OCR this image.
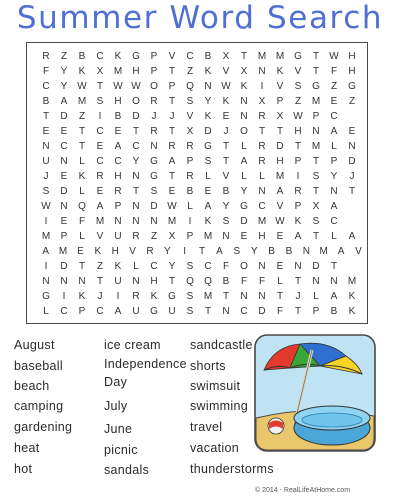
Summer Word Search
R	Z	B	C	K	G	P	V	C	B	X	T	M M G	T	W H
F	Y	K	X	M	H	P	T	Z	K	V	X	N	K	V	T	F	H
C	Y W	T	W W O	P	Q	N W K	I	V	S	G	Z	G
B	A	M	S	H	O	R	T	S	Y	K	N	X	P	Z	M	E	Z
T	D	Z	I	B	D	J	J	V	K	E	N	R	X W P	C
E	E	T	C	E	T	R	T	X	D	J	O	T	T	H	N	A	E
N	C	T	E	A	C	N	R	R	G	T	L	R	D	T	M	L	N
U	N	L	C	C	Y	G	A	P	S	T	A	R	H	P	T	P	D
J	E	K	R	H	N	G	T	R	L	V	L	L	M	I	S	Y	J
S	D	L	E	R	T	S	E	B	E	B	Y	N	A	R	T	N	T
W N	Q	A	P	N	D W	L	A	Y	G	C	V	P	X	A
I	E	F	M	N	N	N	M	I	K	S	D	M W K	S	C
M	P	L	V	U	R	Z	X	P	M	N	E	H	E	A	T	L	A
A M E	K	H	V	R	Y	I	T	A	S	Y	B	B	N M A	V
I	D	T	Z	K	L	C	Y	S	C	F	O	N	E	N	D	T
N	N	N	T	U	N	H	T	Q	Q	B	F	F	L	T	N	N	M
G	I	K	J	I	R	K	G	S	M	T	N	N	T	J	L	A	K
L	C	P	C	A	U	G	U	S	T	N	C	D	F	T	P	B	K
August
baseball
beach
camping
gardening
heat
hot
ice cream
Independence
Day
July
June
picnic
sandals
sandcastle
shorts
swimsuit
swimming
travel
vacation
thunderstorms
© 2014 - RealLifeAtHome.com
